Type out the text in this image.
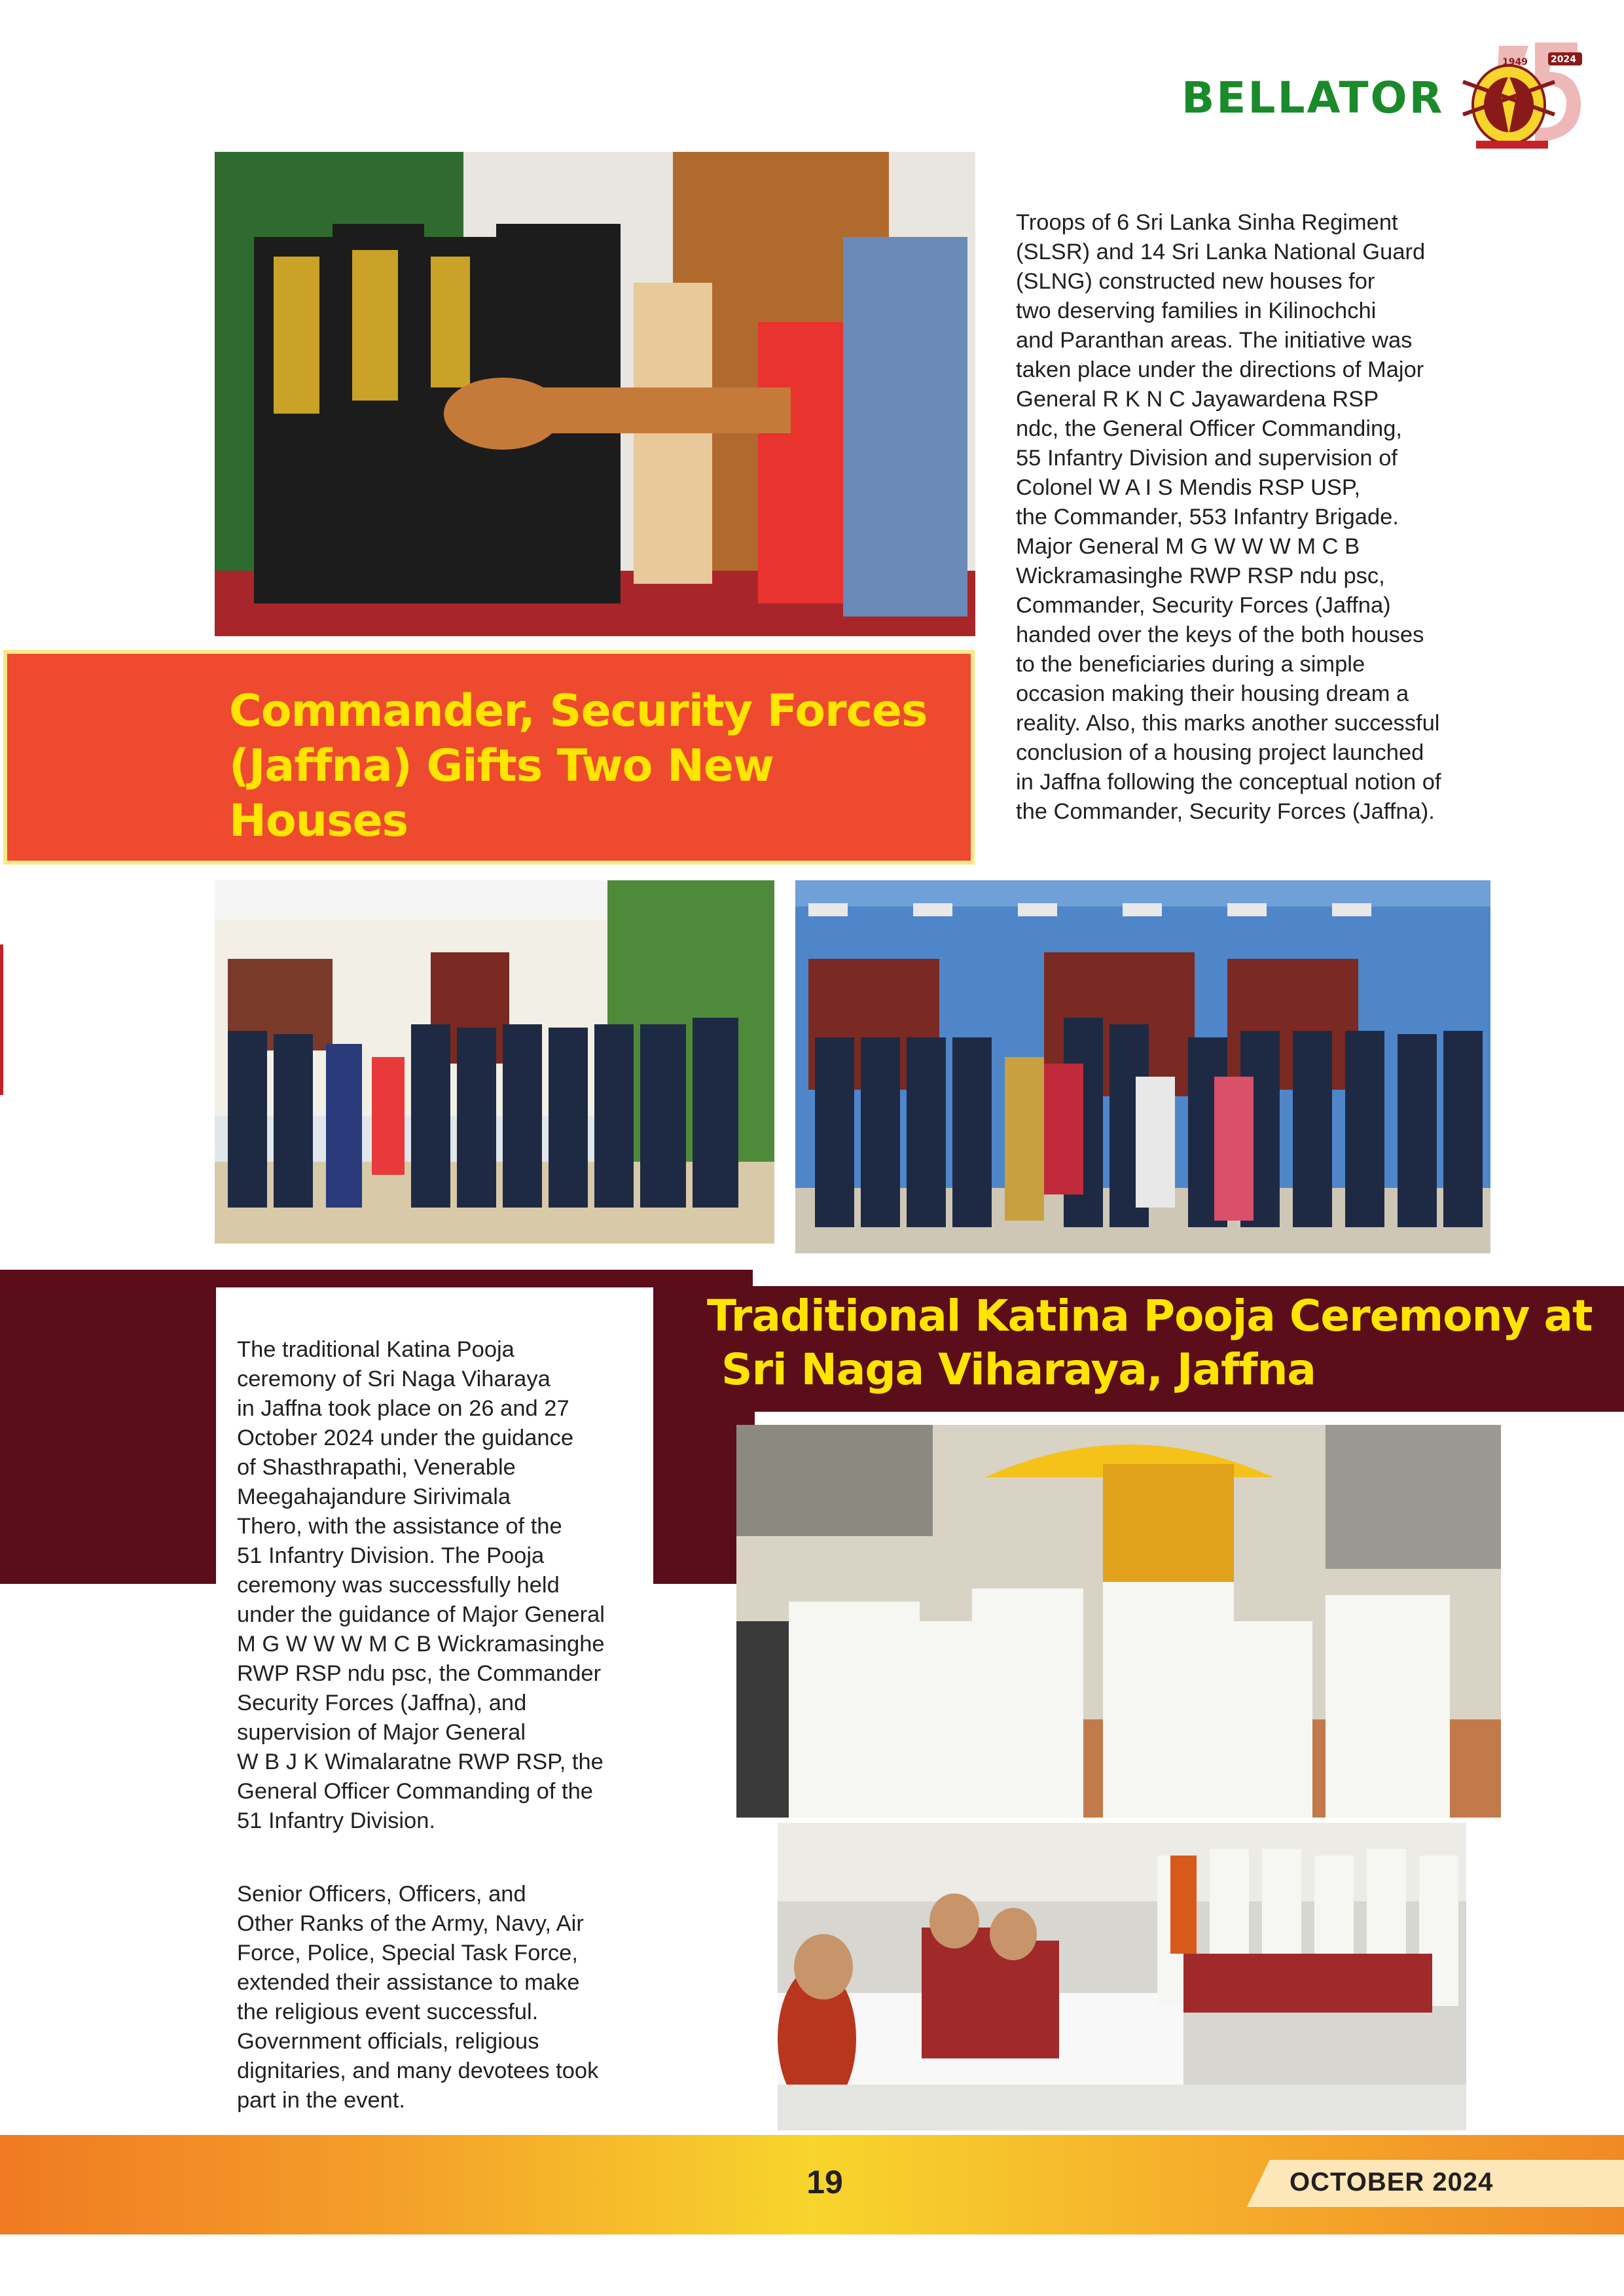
BELLATOR
1949	2024
75
Troops of 6 Sri Lanka Sinha Regiment
(SLSR) and 14 Sri Lanka National Guard
(SLNG) constructed new houses for
two deserving families in Kilinochchi
and Paranthan areas. The initiative was
taken place under the directions of Major
General R K N C Jayawardena RSP
ndc, the General Officer Commanding,
55 Infantry Division and supervision of
Colonel W A I S Mendis RSP USP,
the Commander, 553 Infantry Brigade.
Major General M G W W W M C B
Wickramasinghe RWP RSP ndu psc,
Commander, Security Forces (Jaffna)
handed over the keys of the both houses
to the beneficiaries during a simple
occasion making their housing dream a
reality. Also, this marks another successful
conclusion of a housing project launched
in Jaffna following the conceptual notion of
the Commander, Security Forces (Jaffna).
Commander, Security Forces
(Jaffna) Gifts Two New Houses
Traditional Katina Pooja Ceremony at
Sri Naga Viharaya, Jaffna

The traditional Katina Pooja
ceremony of Sri Naga Viharaya
in Jaffna took place on 26 and 27
October 2024 under the guidance
of Shasthrapathi, Venerable
Meegahajandure Sirivimala
Thero, with the assistance of the
51 Infantry Division. The Pooja
ceremony was successfully held
under the guidance of Major General
M G W W W M C B Wickramasinghe
RWP RSP ndu psc, the Commander
Security Forces (Jaffna), and
supervision of Major General
W B J K Wimalaratne RWP RSP, the
General Officer Commanding of the
51 Infantry Division.

Senior Officers, Officers, and
Other Ranks of the Army, Navy, Air
Force, Police, Special Task Force,
extended their assistance to make
the religious event successful.
Government officials, religious
dignitaries, and many devotees took
part in the event.

19	OCTOBER 2024
